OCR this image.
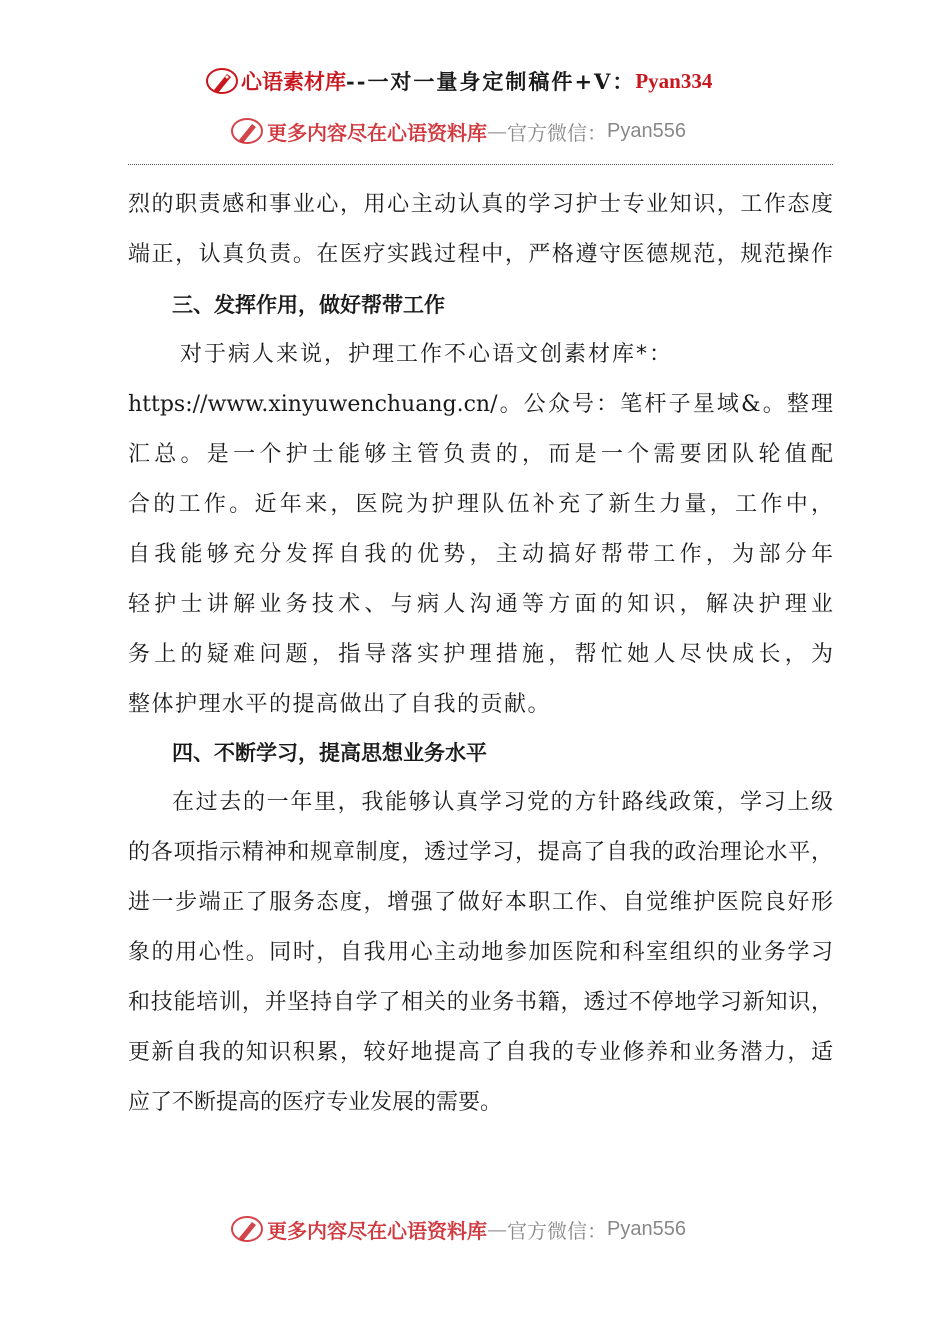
心语素材库 -- 一对一量身定制稿件 +V： Pyan334
更多内容尽在心语资料库 — 官方微信： Pyan556
烈的职责感和事业心，用心主动认真的学习护士专业知识，工作态度
端正，认真负责。在医疗实践过程中，严格遵守医德规范，规范操作
三、发挥作用，做好帮带工作
对于病人来说，护理工作不心语文创素材库*：
https://www.xinyuwenchuang.cn/。公众号：笔杆子星域&。整理
汇总。是一个护士能够主管负责的，而是一个需要团队轮值配
合的工作。近年来，医院为护理队伍补充了新生力量，工作中，
自我能够充分发挥自我的优势，主动搞好帮带工作，为部分年
轻护士讲解业务技术、与病人沟通等方面的知识，解决护理业
务上的疑难问题，指导落实护理措施，帮忙她人尽快成长，为
整体护理水平的提高做出了自我的贡献。
四、不断学习，提高思想业务水平
在过去的一年里，我能够认真学习党的方针路线政策，学习上级
的各项指示精神和规章制度，透过学习，提高了自我的政治理论水平，
进一步端正了服务态度，增强了做好本职工作、自觉维护医院良好形
象的用心性。同时，自我用心主动地参加医院和科室组织的业务学习
和技能培训，并坚持自学了相关的业务书籍，透过不停地学习新知识，
更新自我的知识积累，较好地提高了自我的专业修养和业务潜力，适
应了不断提高的医疗专业发展的需要。
更多内容尽在心语资料库 — 官方微信： Pyan556
